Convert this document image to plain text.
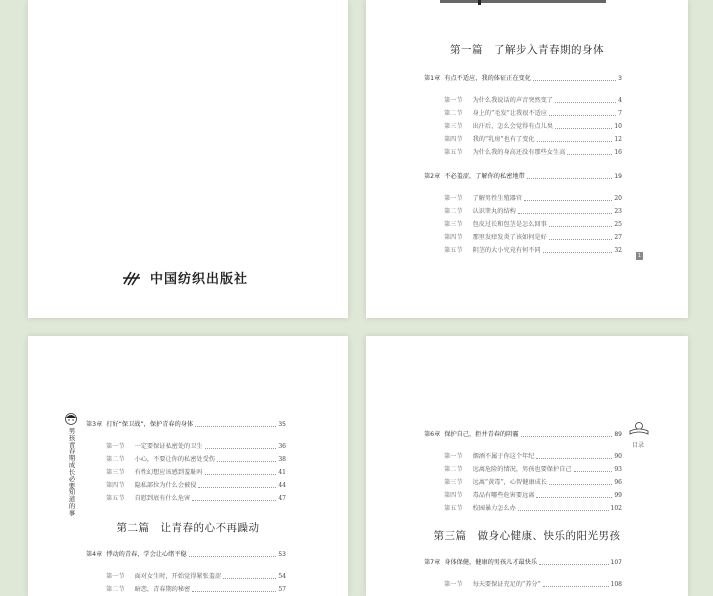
中国纺织出版社
第一篇　了解步入青春期的身体
第1章 有点不适应，我的体征正在变化	3
第一节 为什么我说话的声音突然变了	4
第二节 身上的“毛发”让我很不适应	7
第三节 出汗后，怎么会觉得有点儿臭	10
第四节 我的“乳房”也有了变化	12
第五节 为什么我的身高还没有那些女生高	16
第2章 不必羞涩，了解你的私密地带	19
第一节 了解男性生殖器官	20
第二节 认识睾丸的结构	23
第三节 包皮过长和包茎是怎么回事	25
第四节 那里发痒发炎了该如何是好	27
第五节 阴茎的大小究竟有何不同	32
1
男孩
青春期
成长
必
要知道
的事
第3章 打好“保卫战”，保护青春的身体	35
第一节 一定要保证私密处的卫生	36
第二节 小心，不要让你的私密处受伤	38
第三节 有性幻想应该感到羞耻吗	41
第四节 隐私部位为什么会被侵	44
第五节 自慰到底有什么危害	47
第二篇　让青春的心不再躁动
第4章 悸动的青春，学会让心绪平稳	53
第一节 面对女生时，开始觉得紧张羞涩	54
第二节 暗恋，青春期的秘密	57
目录
第6章 保护自己，拒并青春的阴霾	89
第一节 烟酒不属于你这个年纪	90
第二节 远离危险的情况，男孩也要保护自己	93
第三节 远离“黄毒”，心智健康成长	96
第四节 毒品有哪些危害要远离	99
第五节 校园暴力怎么办	102
第三篇　做身心健康、快乐的阳光男孩
第7章 身体保健，健康的男孩儿才最快乐	107
第一节 每天要保证充足的“养分”	108
